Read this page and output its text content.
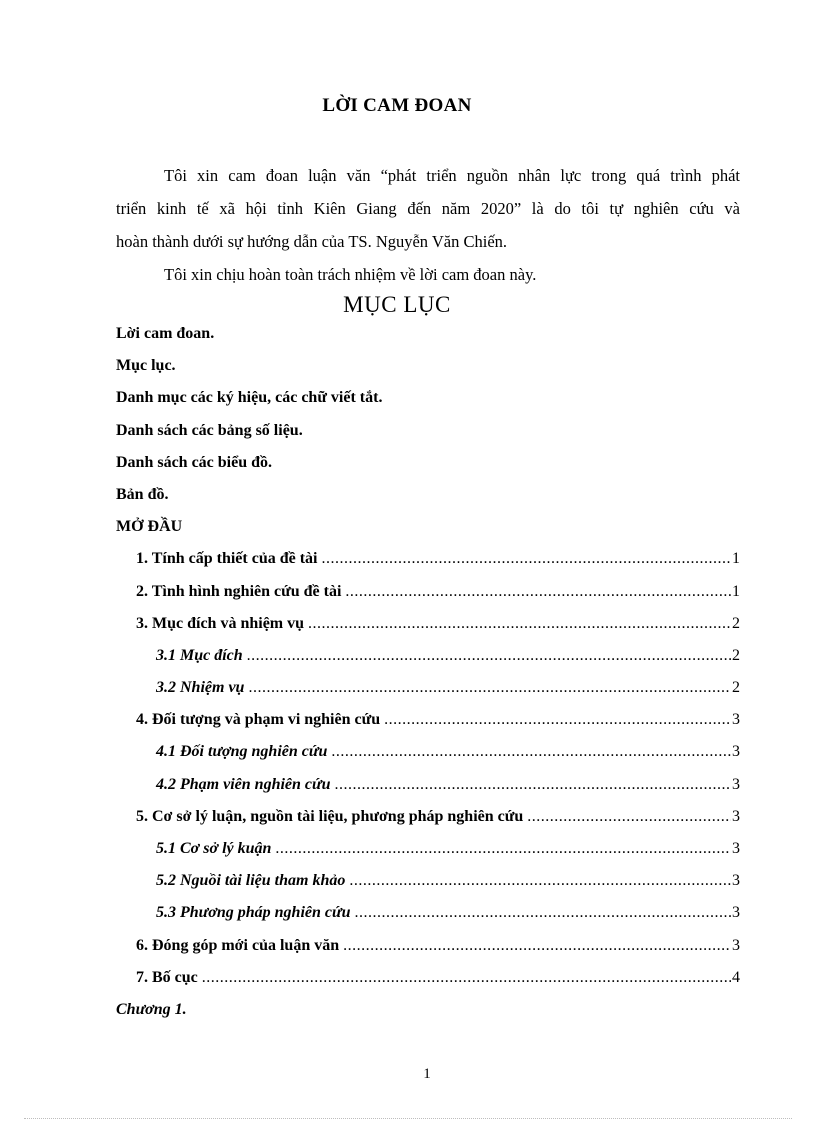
LỜI CAM ĐOAN
Tôi xin cam đoan luận văn “phát triển nguồn nhân lực trong quá trình phát
triển kinh tế xã hội tỉnh Kiên Giang đến năm 2020” là do tôi tự nghiên cứu và
hoàn thành dưới sự hướng dẫn của TS. Nguyễn Văn Chiến.
Tôi xin chịu hoàn toàn trách nhiệm về lời cam đoan này.
MỤC LỤC
Lời cam đoan.
Mục lục.
Danh mục các ký hiệu, các chữ viết tắt.
Danh sách các bảng số liệu.
Danh sách các biểu đồ.
Bản đồ.
MỞ ĐẦU
1. Tính cấp thiết của đề tài .....	1
2. Tình hình nghiên cứu đề tài .....	1
3. Mục đích và nhiệm vụ .....	2
3.1 Mục đích .....	2
3.2 Nhiệm vụ .....	2
4. Đối tượng và phạm vi nghiên cứu .....	3
4.1 Đối tượng nghiên cứu .....	3
4.2 Phạm viên nghiên cứu .....	3
5. Cơ sở lý luận, nguồn tài liệu, phương pháp nghiên cứu .....	3
5.1 Cơ sở lý kuận .....	3
5.2 Nguồi tài liệu tham khảo .....	3
5.3 Phương pháp nghiên cứu .....	3
6. Đóng góp mới của luận văn .....	3
7. Bố cục .....	4
Chương 1.
1
